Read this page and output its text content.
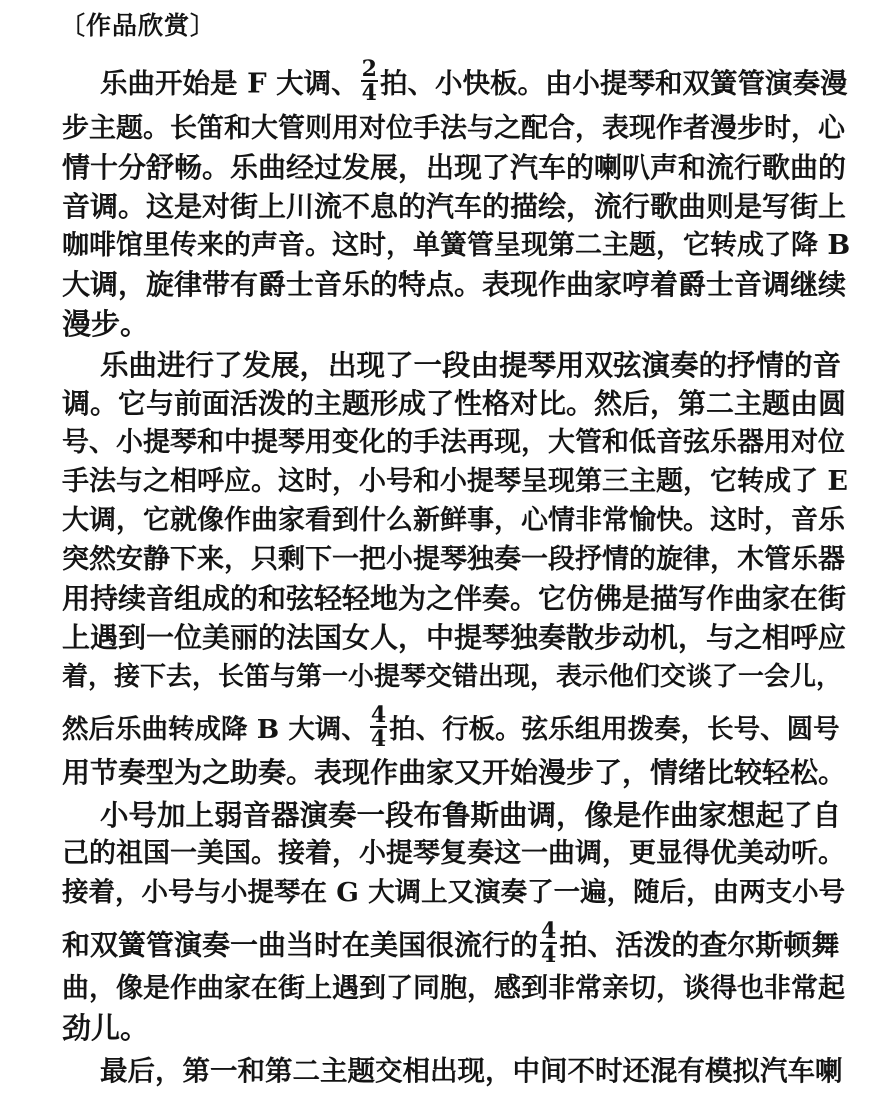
〔作品欣赏〕
乐曲开始是 F 大调、 $\frac{2}{4}$ 拍、小快板。由小提琴和双簧管演奏漫
步主题。长笛和大管则用对位手法与之配合，表现作者漫步时，心
情十分舒畅。乐曲经过发展，出现了汽车的喇叭声和流行歌曲的
音调。这是对街上川流不息的汽车的描绘，流行歌曲则是写街上
咖啡馆里传来的声音。这时，单簧管呈现第二主题，它转成了降 B
大调，旋律带有爵士音乐的特点。表现作曲家哼着爵士音调继续
漫步。
乐曲进行了发展，出现了一段由提琴用双弦演奏的抒情的音
调。它与前面活泼的主题形成了性格对比。然后，第二主题由圆
号、小提琴和中提琴用变化的手法再现，大管和低音弦乐器用对位
手法与之相呼应。这时，小号和小提琴呈现第三主题，它转成了 E
大调，它就像作曲家看到什么新鲜事，心情非常愉快。这时，音乐
突然安静下来，只剩下一把小提琴独奏一段抒情的旋律，木管乐器
用持续音组成的和弦轻轻地为之伴奏。它仿佛是描写作曲家在街
上遇到一位美丽的法国女人，中提琴独奏散步动机，与之相呼应
着，接下去，长笛与第一小提琴交错出现，表示他们交谈了一会儿，
然后乐曲转成降 B 大调、 $\frac{4}{4}$ 拍、行板。弦乐组用拨奏，长号、圆号
用节奏型为之助奏。表现作曲家又开始漫步了，情绪比较轻松。
小号加上弱音器演奏一段布鲁斯曲调，像是作曲家想起了自
己的祖国一美国。接着，小提琴复奏这一曲调，更显得优美动听。
接着，小号与小提琴在 G 大调上又演奏了一遍，随后，由两支小号
和双簧管演奏一曲当时在美国很流行的 $\frac{4}{4}$ 拍、活泼的查尔斯顿舞
曲，像是作曲家在街上遇到了同胞，感到非常亲切，谈得也非常起
劲儿。
最后，第一和第二主题交相出现，中间不时还混有模拟汽车喇
